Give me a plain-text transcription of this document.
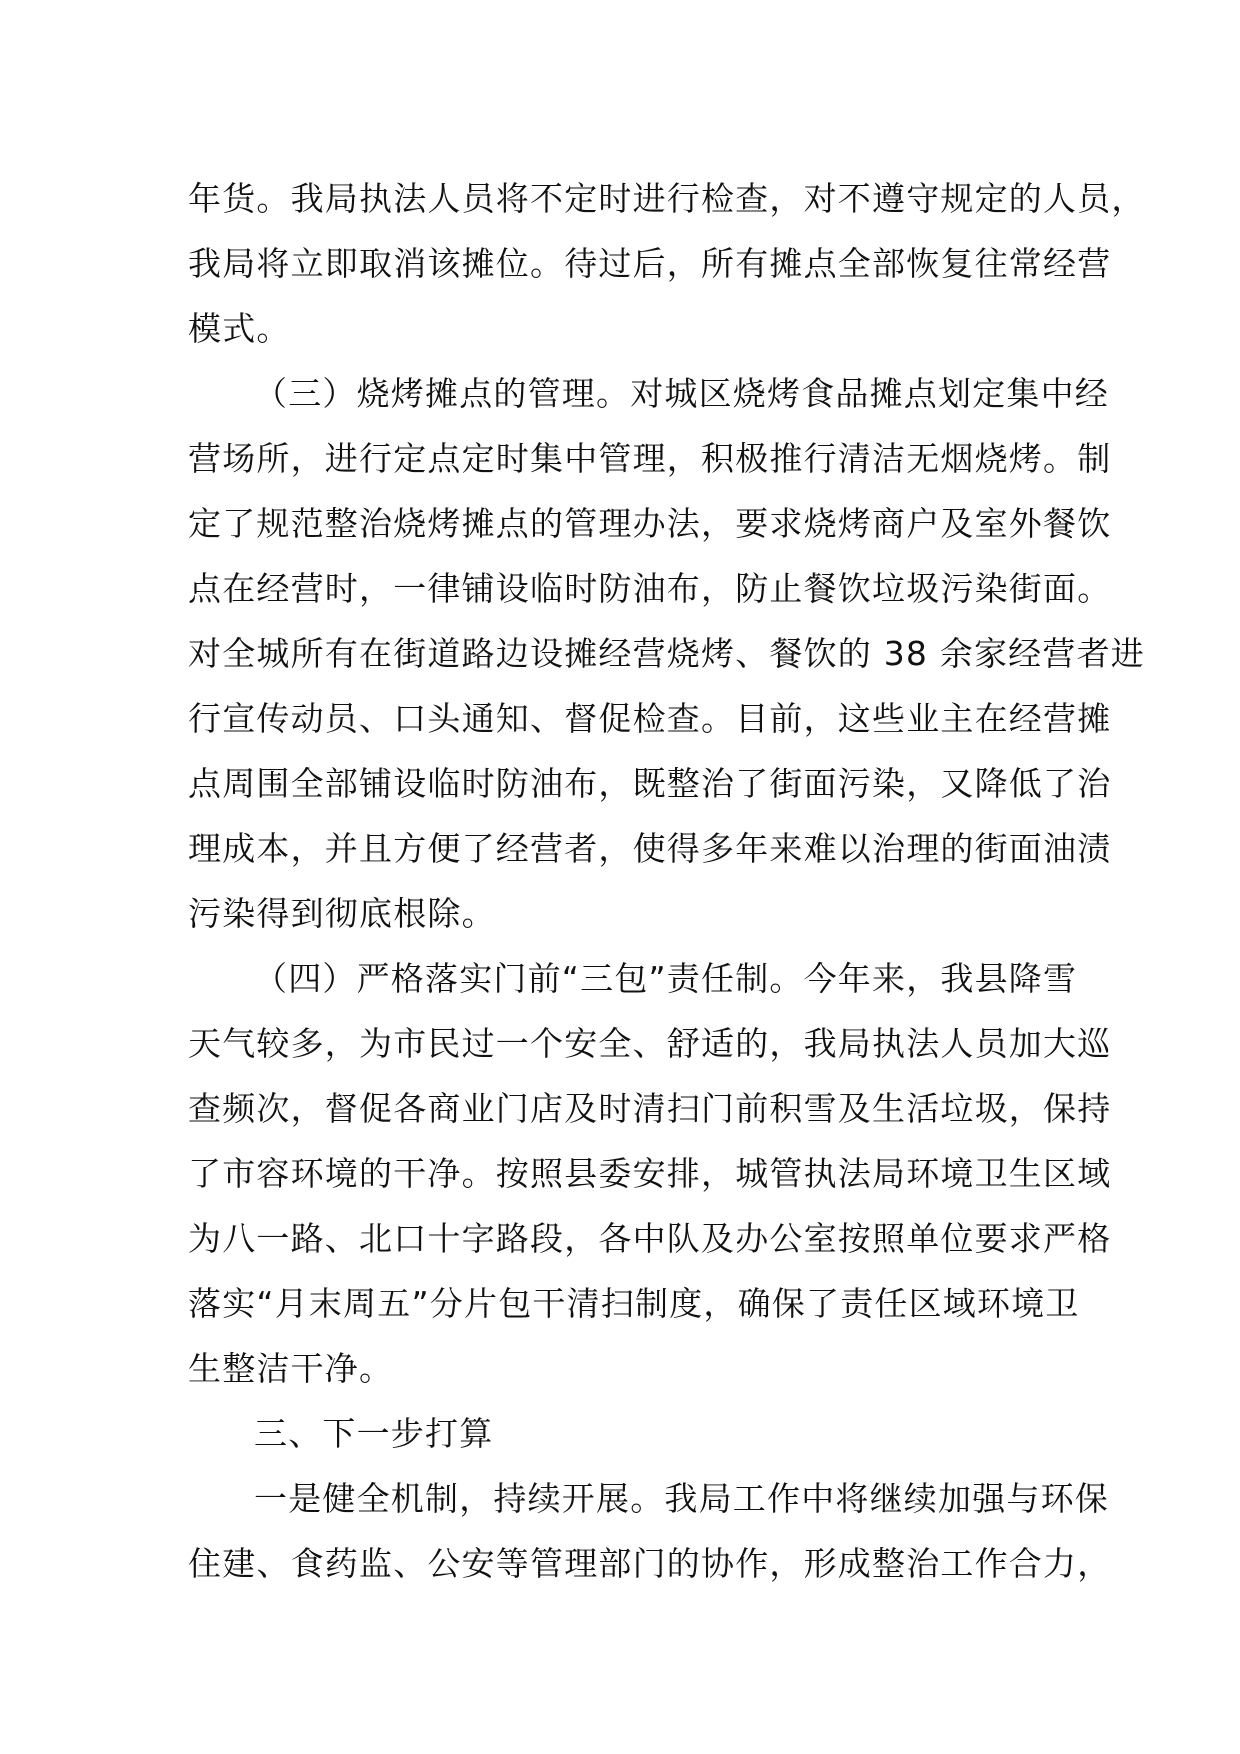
年货。我局执法人员将不定时进行检查，对不遵守规定的人员，
我局将立即取消该摊位。待过后，所有摊点全部恢复往常经营
模式。
（三）烧烤摊点的管理。对城区烧烤食品摊点划定集中经
营场所，进行定点定时集中管理，积极推行清洁无烟烧烤。制
定了规范整治烧烤摊点的管理办法，要求烧烤商户及室外餐饮
点在经营时，一律铺设临时防油布，防止餐饮垃圾污染街面。
对全城所有在街道路边设摊经营烧烤、餐饮的 38 余家经营者进
行宣传动员、口头通知、督促检查。目前，这些业主在经营摊
点周围全部铺设临时防油布，既整治了街面污染，又降低了治
理成本，并且方便了经营者，使得多年来难以治理的街面油渍
污染得到彻底根除。
（四）严格落实门前“三包”责任制。今年来，我县降雪
天气较多，为市民过一个安全、舒适的，我局执法人员加大巡
查频次，督促各商业门店及时清扫门前积雪及生活垃圾，保持
了市容环境的干净。按照县委安排，城管执法局环境卫生区域
为八一路、北口十字路段，各中队及办公室按照单位要求严格
落实“月末周五”分片包干清扫制度，确保了责任区域环境卫
生整洁干净。
三、下一步打算
一是健全机制，持续开展。我局工作中将继续加强与环保
住建、食药监、公安等管理部门的协作，形成整治工作合力，
